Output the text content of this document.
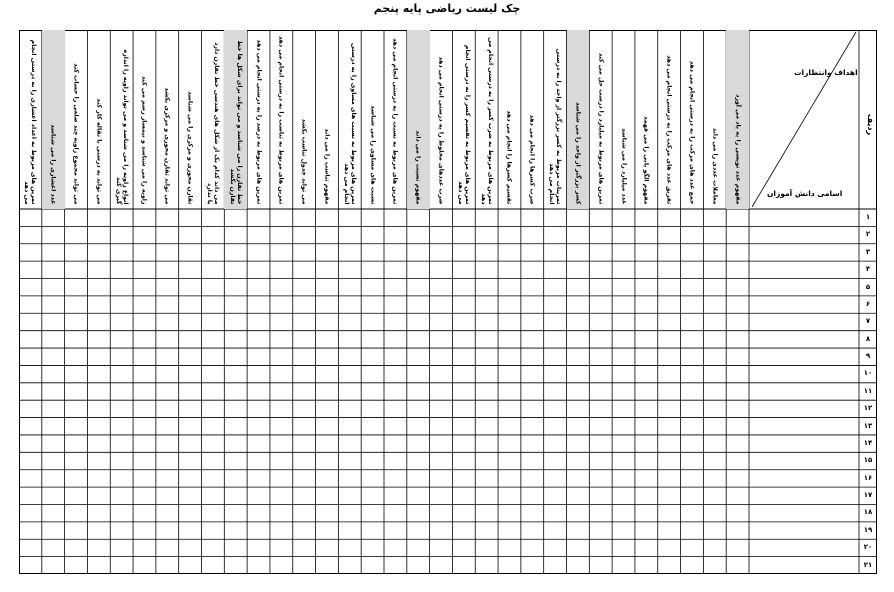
چک لیست ریاضی پایه پنجم
ردیف
اهداف وانتظارات
اسامی دانش آموزان
مفهوم عدد نویسی را به یاد می آورد
معاملات عددی را می داند
جمع عدد های مرکب را به درستی انجام می دهد
تفریق عدد های مرکب را به درستی انجام می دهد
مفهوم الگو یابی را می فهمد
عدد میلیارد را می شناسد
تمرین های مربوط به میلیارد را درست حل می کند
کسر بزرگتر از واحد را می شناسد
تمرینات مربوط به کسر بزرگتر از واحد را به درستی انجام می دهد
ضرب کسرها را انجام می دهد
تقسیم کسرها را انجام می دهد
تمرین های مربوط به ضرب کسر را به درستی انجام می دهد
تمرین های مربوط به تقسیم کسر را به درستی انجام می دهد
ضرب عددهای مخلوط را به درستی انجام می دهد
مفهوم نسبت را می داند
تمرین های مربوط به نسبت را به درستی انجام می دهد
نسبت های مساوی را می شناسد
تمرین های مربوط به نسبت های مساوی را به درستی انجام می دهد
مفهوم تناسب را می داند
می تواند جدول تناسب بکشد
تمرین های مربوط به تناسب را به درستی انجام می دهد
تمرین های مربوط به درصد را به درستی انجام می دهد
خط تقارن را می شناسد و می تواند برای شکل ها خط تقارن بکشد
می داند کدام یک از شکل های هندسی خط تقارن دارد یا ندارد
تقارن محوری و مرکزی را می شناسد
می تواند تقارن محوری و مرکزی بکشد
زاویه را می شناسد و نیمساز رسم می کند
انواع زاویه را می شناسد و می تواند زاویه را اندازه گیری کند
می تواند به درستی با نقاله کار کند
می تواند مجموع زاویه چند ضلعی را حساب کند
عدد اعشاری را می شناسد
تمرین های مربوط به اعداد اعشاری را به درستی انجام می دهد
۱
۲
۳
۴
۵
۶
۷
۸
۹
۱۰
۱۱
۱۲
۱۳
۱۴
۱۵
۱۶
۱۷
۱۸
۱۹
۲۰
۲۱
